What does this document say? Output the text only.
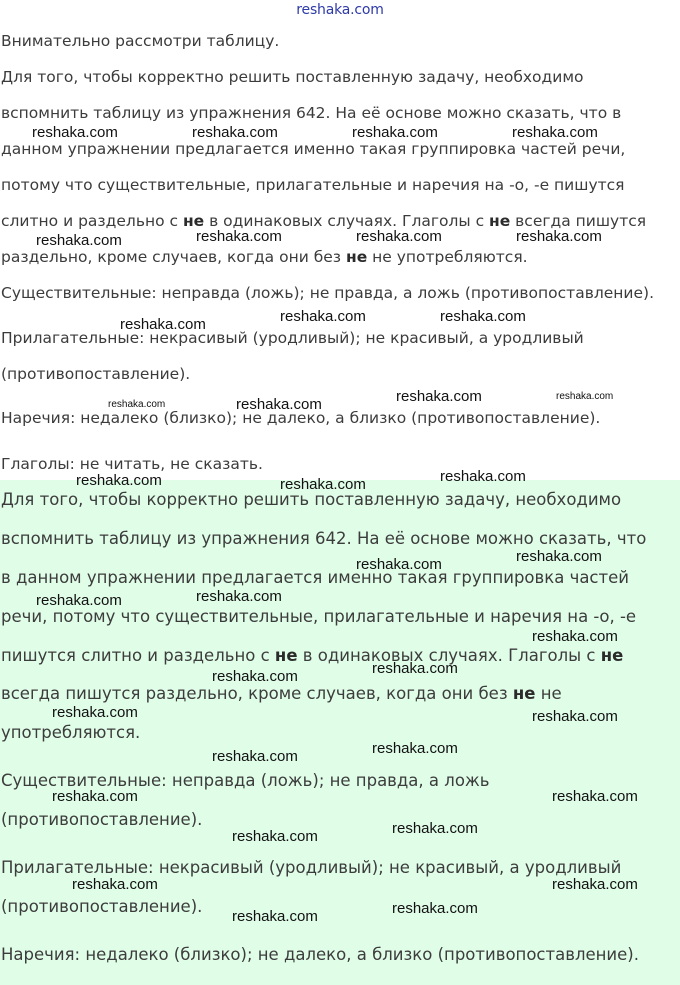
Внимательно рассмотри таблицу.
Для того, чтобы корректно решить поставленную задачу, необходимо
вспомнить таблицу из упражнения 642. На её основе можно сказать, что в
данном упражнении предлагается именно такая группировка частей речи,
потому что существительные, прилагательные и наречия на -о, -е пишутся
слитно и раздельно с не в одинаковых случаях. Глаголы с не всегда пишутся
раздельно, кроме случаев, когда они без не не употребляются.
Существительные: неправда (ложь); не правда, а ложь (противопоставление).
Прилагательные: некрасивый (уродливый); не красивый, а уродливый
(противопоставление).
Наречия: недалеко (близко); не далеко, а близко (противопоставление).
Глаголы: не читать, не сказать.
Для того, чтобы корректно решить поставленную задачу, необходимо
вспомнить таблицу из упражнения 642. На её основе можно сказать, что
в данном упражнении предлагается именно такая группировка частей
речи, потому что существительные, прилагательные и наречия на -о, -е
пишутся слитно и раздельно с не в одинаковых случаях. Глаголы с не
всегда пишутся раздельно, кроме случаев, когда они без не не
употребляются.
Существительные: неправда (ложь); не правда, а ложь
(противопоставление).
Прилагательные: некрасивый (уродливый); не красивый, а уродливый
(противопоставление).
Наречия: недалеко (близко); не далеко, а близко (противопоставление).
reshaka.com
reshaka.com	reshaka.com	reshaka.com	reshaka.com
reshaka.com	reshaka.com	reshaka.com	reshaka.com
reshaka.com	reshaka.com	reshaka.com
reshaka.com	reshaka.com
reshaka.com	reshaka.com
reshaka.com
reshaka.com	reshaka.com
reshaka.com
reshaka.com
reshaka.com
reshaka.com
reshaka.com
reshaka.com
reshaka.com
reshaka.com	reshaka.com
reshaka.com
reshaka.com
reshaka.com	reshaka.com
reshaka.com
reshaka.com
reshaka.com	reshaka.com
reshaka.com
reshaka.com
